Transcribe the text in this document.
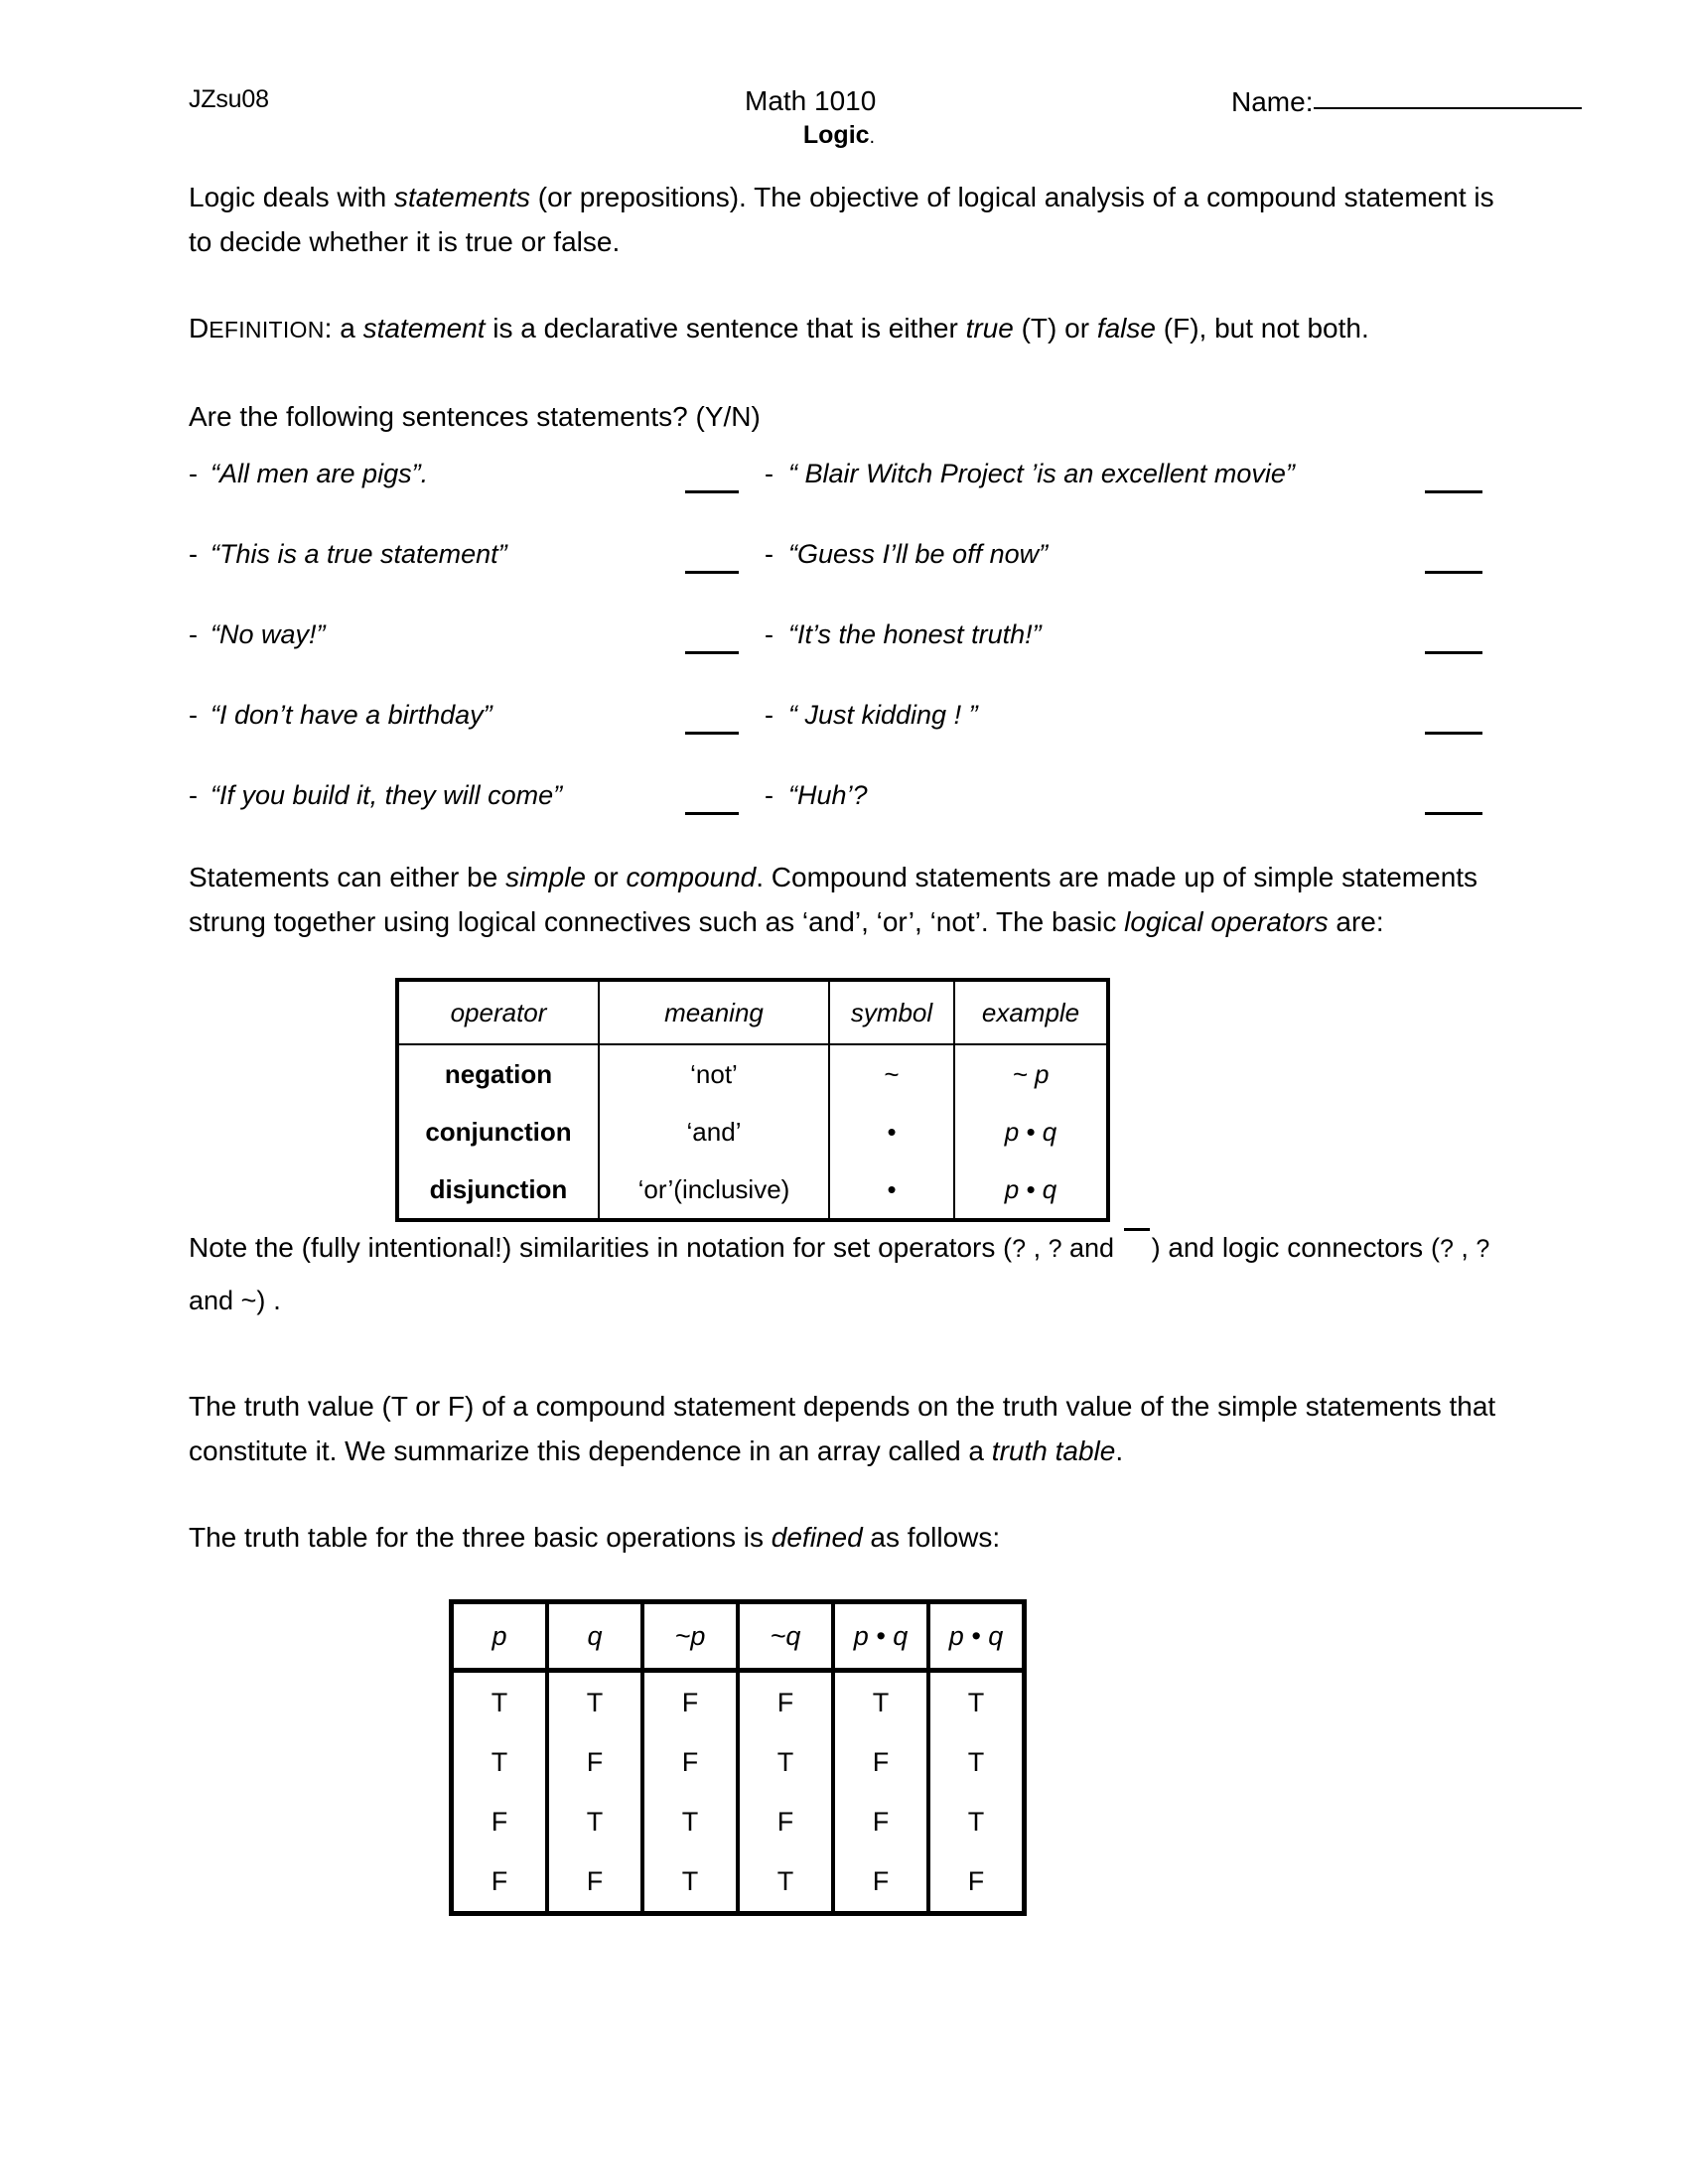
JZsu08	Math 1010
Logic.
Name:

Logic deals with statements (or prepositions). The objective of logical analysis of a compound statement is to decide whether it is true or false.

DEFINITION: a statement is a declarative sentence that is either true (T) or false (F), but not both.

Are the following sentences statements? (Y/N)

- “All men are pigs”.	- “ Blair Witch Project ’is an excellent movie”
- “This is a true statement”	- “Guess I’ll be off now”
- “No way!”	- “It’s the honest truth!”
- “I don’t have a birthday”	- “ Just kidding ! ”
- “If you build it, they will come”	- “Huh’?

Statements can either be simple or compound. Compound statements are made up of simple statements strung together using logical connectives such as ‘and’, ‘or’, ‘not’. The basic logical operators are:

operator	meaning	symbol	example
negation	‘not’	~	~ p
conjunction	‘and’	•	p • q
disjunction	‘or’(inclusive)	•	p • q

Note the (fully intentional!) similarities in notation for set operators (? , ? and ) and logic connectors (? , ? and ~) .

The truth value (T or F) of a compound statement depends on the truth value of the simple statements that constitute it. We summarize this dependence in an array called a truth table.

The truth table for the three basic operations is defined as follows:

p	q	~p	~q	p • q	p • q
T	T	F	F	T	T
T	F	F	T	F	T
F	T	T	F	F	T
F	F	T	T	F	F
